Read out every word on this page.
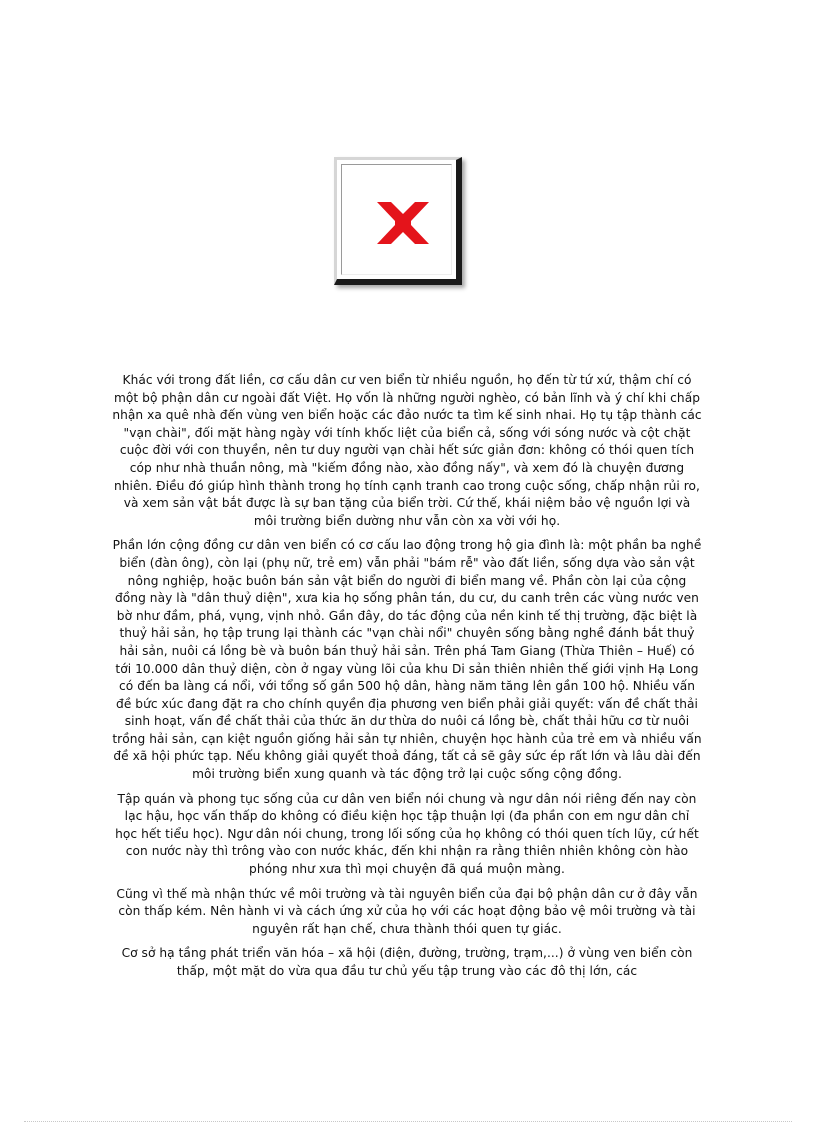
Khác với trong đất liền, cơ cấu dân cư ven biển từ nhiều nguồn, họ đến từ tứ xứ, thậm chí có một bộ phận dân cư ngoài đất Việt. Họ vốn là những người nghèo, có bản lĩnh và ý chí khi chấp nhận xa quê nhà đến vùng ven biển hoặc các đảo nước ta tìm kế sinh nhai. Họ tụ tập thành các "vạn chài", đối mặt hàng ngày với tính khốc liệt của biển cả, sống với sóng nước và cột chặt cuộc đời với con thuyền, nên tư duy người vạn chài hết sức giản đơn: không có thói quen tích cóp như nhà thuần nông, mà "kiếm đồng nào, xào đồng nấy", và xem đó là chuyện đương nhiên. Điều đó giúp hình thành trong họ tính cạnh tranh cao trong cuộc sống, chấp nhận rủi ro, và xem sản vật bắt được là sự ban tặng của biển trời. Cứ thế, khái niệm bảo vệ nguồn lợi và môi trường biển dường như vẫn còn xa vời với họ.

Phần lớn cộng đồng cư dân ven biển có cơ cấu lao động trong hộ gia đình là: một phần ba nghề biển (đàn ông), còn lại (phụ nữ, trẻ em) vẫn phải "bám rễ" vào đất liền, sống dựa vào sản vật nông nghiệp, hoặc buôn bán sản vật biển do người đi biển mang về. Phần còn lại của cộng đồng này là "dân thuỷ diện", xưa kia họ sống phân tán, du cư, du canh trên các vùng nước ven bờ như đầm, phá, vụng, vịnh nhỏ. Gần đây, do tác động của nền kinh tế thị trường, đặc biệt là thuỷ hải sản, họ tập trung lại thành các "vạn chài nổi" chuyên sống bằng nghề đánh bắt thuỷ hải sản, nuôi cá lồng bè và buôn bán thuỷ hải sản. Trên phá Tam Giang (Thừa Thiên – Huế) có tới 10.000 dân thuỷ diện, còn ở ngay vùng lõi của khu Di sản thiên nhiên thế giới vịnh Hạ Long có đến ba làng cá nổi, với tổng số gần 500 hộ dân, hàng năm tăng lên gần 100 hộ. Nhiều vấn đề bức xúc đang đặt ra cho chính quyền địa phương ven biển phải giải quyết: vấn đề chất thải sinh hoạt, vấn đề chất thải của thức ăn dư thừa do nuôi cá lồng bè, chất thải hữu cơ từ nuôi trồng hải sản, cạn kiệt nguồn giống hải sản tự nhiên, chuyện học hành của trẻ em và nhiều vấn đề xã hội phức tạp. Nếu không giải quyết thoả đáng, tất cả sẽ gây sức ép rất lớn và lâu dài đến môi trường biển xung quanh và tác động trở lại cuộc sống cộng đồng.

Tập quán và phong tục sống của cư dân ven biển nói chung và ngư dân nói riêng đến nay còn lạc hậu, học vấn thấp do không có điều kiện học tập thuận lợi (đa phần con em ngư dân chỉ học hết tiểu học). Ngư dân nói chung, trong lối sống của họ không có thói quen tích lũy, cứ hết con nước này thì trông vào con nước khác, đến khi nhận ra rằng thiên nhiên không còn hào phóng như xưa thì mọi chuyện đã quá muộn màng.

Cũng vì thế mà nhận thức về môi trường và tài nguyên biển của đại bộ phận dân cư ở đây vẫn còn thấp kém. Nên hành vi và cách ứng xử của họ với các hoạt động bảo vệ môi trường và tài nguyên rất hạn chế, chưa thành thói quen tự giác.

Cơ sở hạ tầng phát triển văn hóa – xã hội (điện, đường, trường, trạm,...) ở vùng ven biển còn thấp, một mặt do vừa qua đầu tư chủ yếu tập trung vào các đô thị lớn, các
